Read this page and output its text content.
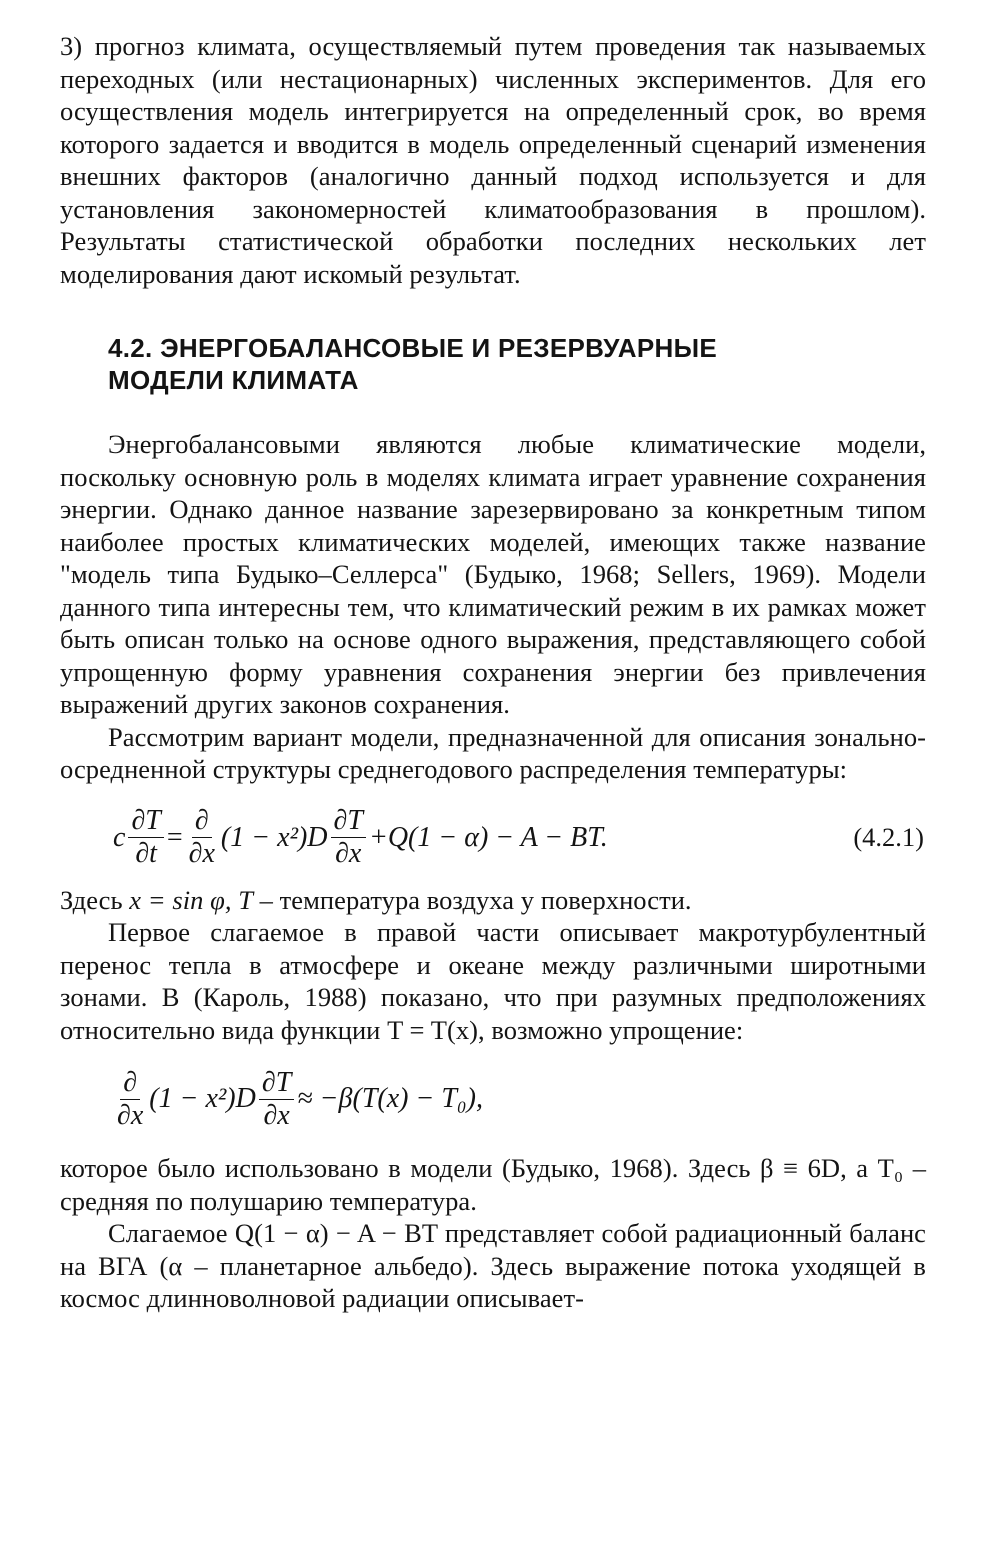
3) прогноз климата, осуществляемый путем проведения так называемых переходных (или нестационарных) численных экспериментов. Для его осуществления модель интегрируется на определенный срок, во время которого задается и вводится в модель определенный сценарий изменения внешних факторов (аналогично данный подход используется и для установления закономерностей климатообразования в прошлом). Результаты статистической обработки последних нескольких лет моделирования дают искомый результат.

4.2. ЭНЕРГОБАЛАНСОВЫЕ И РЕЗЕРВУАРНЫЕ
МОДЕЛИ КЛИМАТА

Энергобалансовыми являются любые климатические модели, поскольку основную роль в моделях климата играет уравнение сохранения энергии. Однако данное название зарезервировано за конкретным типом наиболее простых климатических моделей, имеющих также название "модель типа Будыко–Селлерса" (Будыко, 1968; Sellers, 1969). Модели данного типа интересны тем, что климатический режим в их рамках может быть описан только на основе одного выражения, представляющего собой упрощенную форму уравнения сохранения энергии без привлечения выражений других законов сохранения.

Рассмотрим вариант модели, предназначенной для описания зонально-осредненной структуры среднегодового распределения температуры:

c $\frac{\partial T}{\partial t} = \frac{\partial}{\partial x} (1 - x^2)D \frac{\partial T}{\partial x} +Q(1 - \alpha) - A$ − BT.	(4.2.1)

Здесь x = sin φ, T – температура воздуха у поверхности.

Первое слагаемое в правой части описывает макротурбулентный перенос тепла в атмосфере и океане между различными широтными зонами. В (Кароль, 1988) показано, что при разумных предположениях относительно вида функции T = T(x), возможно упрощение:

$\frac{\partial}{\partial x} (1 - x^2)D \frac{\partial T}{\partial x} \approx -\beta(T(x) - T_0)$,

которое было использовано в модели (Будыко, 1968). Здесь β ≡ 6D, а T₀ – средняя по полушарию температура.

Слагаемое Q(1 − α) − A − BT представляет собой радиационный баланс на ВГА (α – планетарное альбедо). Здесь выражение потока уходящей в космос длинноволновой радиации описывает-
